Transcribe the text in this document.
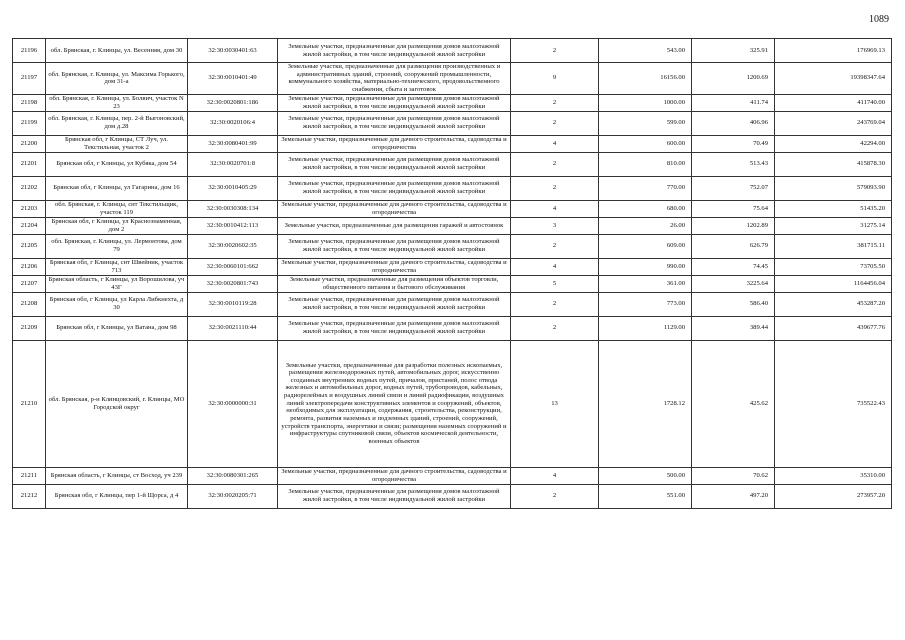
1089
21196	обл. Брянская, г. Клинцы, ул. Весенняя, дом 30	32:30:0030401:63	Земельные участки, предназначенные для размещения домов малоэтажной жилой застройки, в том числе индивидуальной жилой застройки	2	543.00	325.91	176969.13
21197	обл. Брянская, г. Клинцы, ул. Максима Горького, дом 31-а	32:30:0010401:49	Земельные участки, предназначенные для размещения производственных и административных зданий, строений, сооружений промышленности, коммунального хозяйства, материально-технического, продовольственного снабжения, сбыта и заготовок	9	16156.00	1200.69	19398347.64
21198	обл. Брянская, г. Клинцы, ул. Болвич, участок N 23	32:30:0020801:186	Земельные участки, предназначенные для размещения домов малоэтажной жилой застройки, в том числе индивидуальной жилой застройки	2	1000.00	411.74	411740.00
21199	обл. Брянская, г. Клинцы, пер. 2-й Выгоновский, дом д.28	32:30:0020106:4	Земельные участки, предназначенные для размещения домов малоэтажной жилой застройки, в том числе индивидуальной жилой застройки	2	599.00	406.96	243769.04
21200	Брянская обл, г Клинцы, СТ Луч, ул. Текстильная, участок 2	32:30:0080401:99	Земельные участки, предназначенные для дачного строительства, садоводства и огородничества	4	600.00	70.49	42294.00
21201	Брянская обл, г Клинцы, ул Кубяка, дом 54	32:30:0020701:8	Земельные участки, предназначенные для размещения домов малоэтажной жилой застройки, в том числе индивидуальной жилой застройки	2	810.00	513.43	415878.30
21202	Брянская обл, г Клинцы, ул Гагарина, дом 16	32:30:0010405:29	Земельные участки, предназначенные для размещения домов малоэтажной жилой застройки, в том числе индивидуальной жилой застройки	2	770.00	752.07	579093.90
21203	обл. Брянская, г. Клинцы, снт Текстильщик, участок 119	32:30:0030308:134	Земельные участки, предназначенные для дачного строительства, садоводства и огородничества	4	680.00	75.64	51435.20
21204	Брянская обл, г Клинцы, ул Краснознаменная, дом 2	32:30:0010412:113	Земельные участки, предназначенные для размещения гаражей и автостоянок	3	26.00	1202.89	31275.14
21205	обл. Брянская, г. Клинцы, ул. Лермонтова, дом 79	32:30:0020602:35	Земельные участки, предназначенные для размещения домов малоэтажной жилой застройки, в том числе индивидуальной жилой застройки	2	609.00	626.79	381715.11
21206	Брянская обл, г Клинцы, снт Швейник, участок 713	32:30:0060101:662	Земельные участки, предназначенные для дачного строительства, садоводства и огородничества	4	990.00	74.45	73705.50
21207	Брянская область, г Клинцы, ул Ворошилова, уч 43Г	32:30:0020801:743	Земельные участки, предназначенные для размещения объектов торговли, общественного питания и бытового обслуживания	5	361.00	3225.64	1164456.04
21208	Брянская обл, г Клинцы, ул Карла Либкнехта, д 30	32:30:0010119:28	Земельные участки, предназначенные для размещения домов малоэтажной жилой застройки, в том числе индивидуальной жилой застройки	2	773.00	586.40	453287.20
21209	Брянская обл, г Клинцы, ул Ватана, дом 98	32:30:0021110:44	Земельные участки, предназначенные для размещения домов малоэтажной жилой застройки, в том числе индивидуальной жилой застройки	2	1129.00	389.44	439677.76
21210	обл. Брянская, р-н Клинцовский, г. Клинцы, МО Городской округ	32:30:0000000:31	Земельные участки, предназначенные для разработки полезных ископаемых, размещения железнодорожных путей, автомобильных дорог, искусственно созданных внутренних водных путей, причалов, пристаней, полос отвода железных и автомобильных дорог, водных путей, трубопроводов, кабельных, радиорелейных и воздушных линий связи и линий радиофикации, воздушных линий электропередачи конструктивных элементов и сооружений, объектов, необходимых для эксплуатации, содержания, строительства, реконструкции, ремонта, развития наземных и подземных зданий, строений, сооружений, устройств транспорта, энергетики и связи; размещения наземных сооружений и инфраструктуры спутниковой связи, объектов космической деятельности, военных объектов	13	1728.12	425.62	735522.43
21211	Брянская область, г Клинцы, ст Восход, уч 239	32:30:0080301:265	Земельные участки, предназначенные для дачного строительства, садоводства и огородничества	4	500.00	70.62	35310.00
21212	Брянская обл, г Клинцы, пер 1-й Щорса, д 4	32:30:0020205:71	Земельные участки, предназначенные для размещения домов малоэтажной жилой застройки, в том числе индивидуальной жилой застройки	2	551.00	497.20	273957.20
